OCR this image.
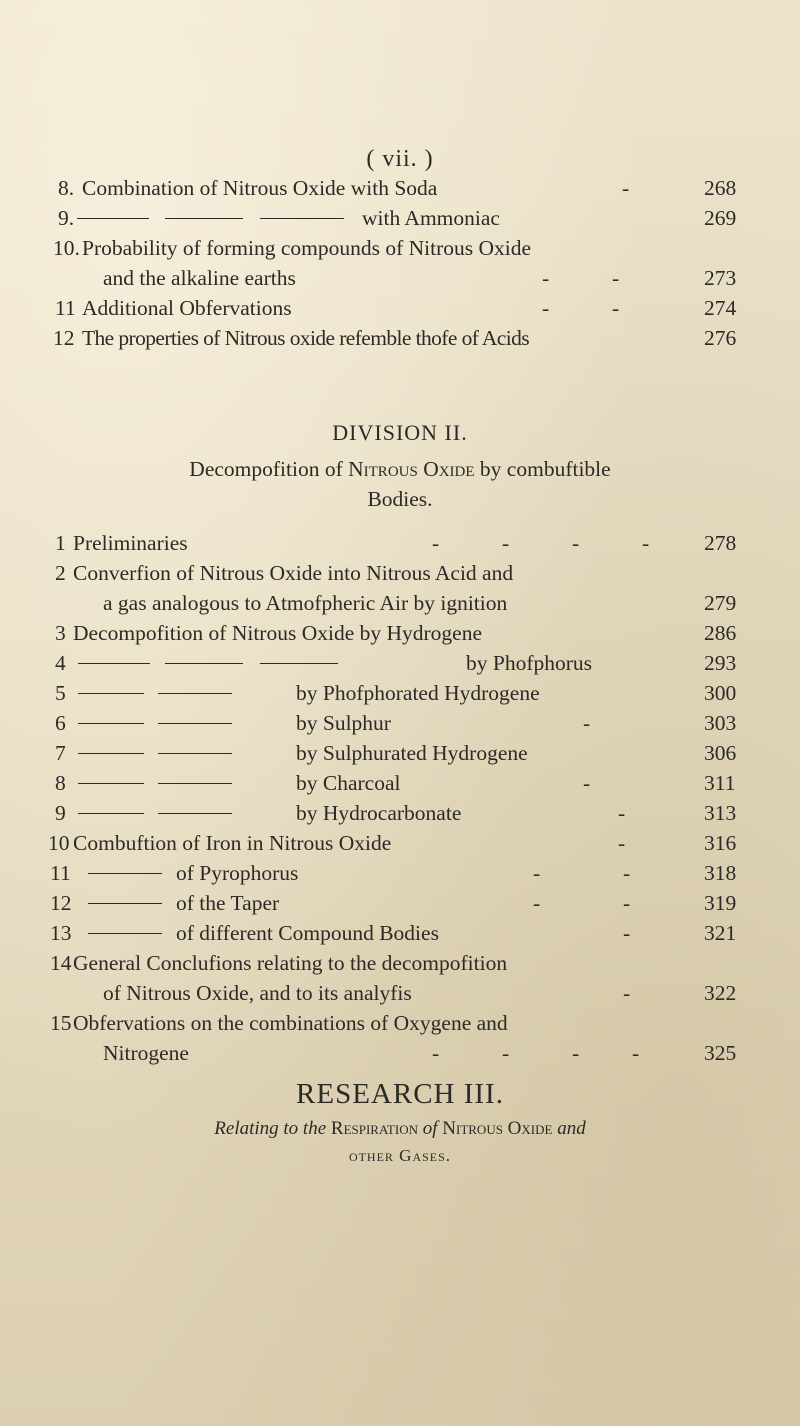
( vii. )
8. Combination of Nitrous Oxide with Soda	-	268
9.	with Ammoniac	269
10. Probability of forming compounds of Nitrous Oxide
and the alkaline earths	-	-	273
11 Additional Obfervations	-	-	274
12 The properties of Nitrous oxide refemble thofe of Acids	276
DIVISION II.
Decompofition of Nitrous Oxide by combuftible
Bodies.
1 Preliminaries	-	-	-	-	278
2 Converfion of Nitrous Oxide into Nitrous Acid and
a gas analogous to Atmofpheric Air by ignition	279
3 Decompofition of Nitrous Oxide by Hydrogene	286
4	by Phofphorus	293
5	by Phofphorated Hydrogene	300
6	by Sulphur	-	303
7	by Sulphurated Hydrogene	306
8	by Charcoal	-	311
9	by Hydrocarbonate	-	313
10 Combuftion of Iron in Nitrous Oxide	-	316
11	of Pyrophorus	-	-	318
12	of the Taper	-	-	319
13	of different Compound Bodies	-	321
14 General Conclufions relating to the decompofition
of Nitrous Oxide, and to its analyfis	-	322
15 Obfervations on the combinations of Oxygene and
Nitrogene	-	-	- -	325
RESEARCH III.
Relating to the Respiration of Nitrous Oxide and
other Gases.
